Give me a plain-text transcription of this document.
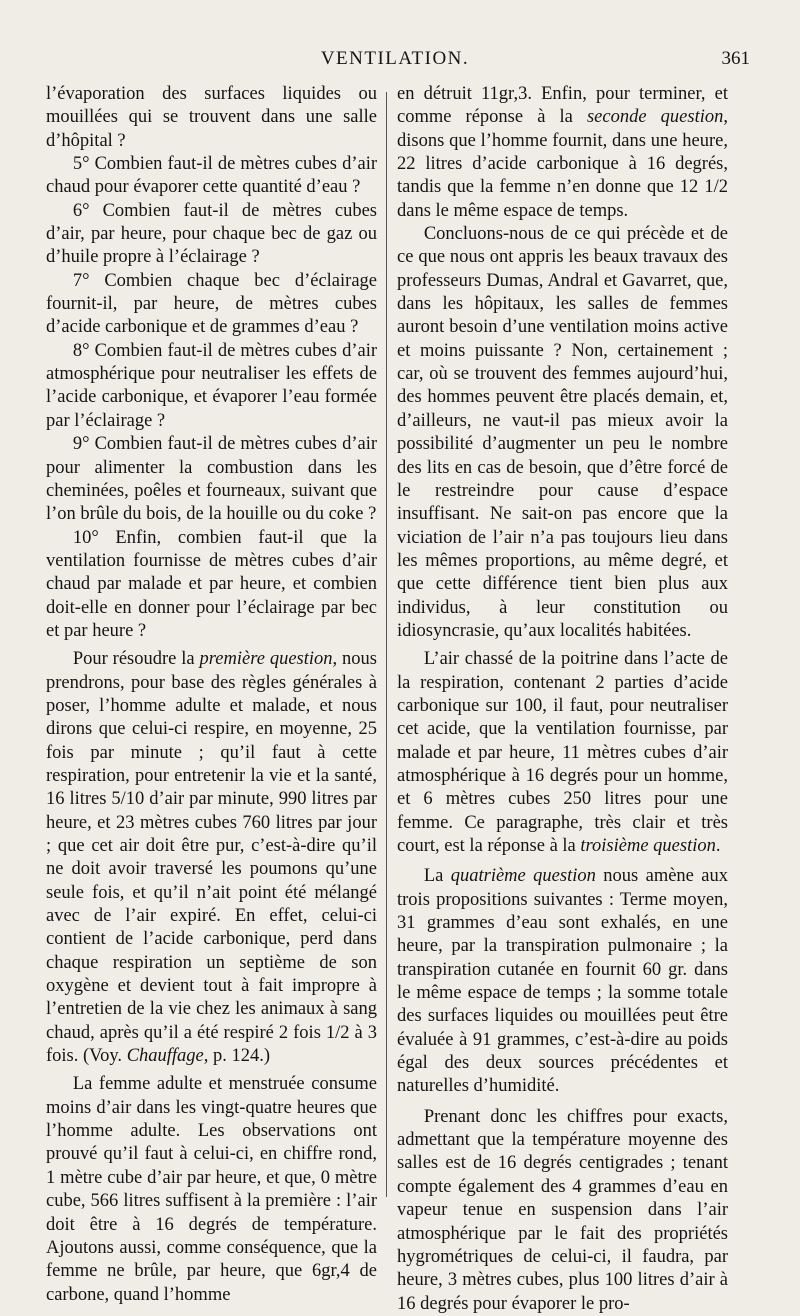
VENTILATION.	361

l’évaporation des surfaces liquides ou mouillées qui se trouvent dans une salle d’hôpital ?

5° Combien faut-il de mètres cubes d’air chaud pour évaporer cette quantité d’eau ?

6° Combien faut-il de mètres cubes d’air, par heure, pour chaque bec de gaz ou d’huile propre à l’éclairage ?

7° Combien chaque bec d’éclairage fournit-il, par heure, de mètres cubes d’acide carbonique et de grammes d’eau ?

8° Combien faut-il de mètres cubes d’air atmosphérique pour neutraliser les effets de l’acide carbonique, et évaporer l’eau formée par l’éclairage ?

9° Combien faut-il de mètres cubes d’air pour alimenter la combustion dans les cheminées, poêles et fourneaux, suivant que l’on brûle du bois, de la houille ou du coke ?

10° Enfin, combien faut-il que la ventilation fournisse de mètres cubes d’air chaud par malade et par heure, et combien doit-elle en donner pour l’éclairage par bec et par heure ?

Pour résoudre la première question, nous prendrons, pour base des règles générales à poser, l’homme adulte et malade, et nous dirons que celui-ci respire, en moyenne, 25 fois par minute ; qu’il faut à cette respiration, pour entretenir la vie et la santé, 16 litres 5/10 d’air par minute, 990 litres par heure, et 23 mètres cubes 760 litres par jour ; que cet air doit être pur, c’est-à-dire qu’il ne doit avoir traversé les poumons qu’une seule fois, et qu’il n’ait point été mélangé avec de l’air expiré. En effet, celui-ci contient de l’acide carbonique, perd dans chaque respiration un septième de son oxygène et devient tout à fait impropre à l’entretien de la vie chez les animaux à sang chaud, après qu’il a été respiré 2 fois 1/2 à 3 fois. (Voy. Chauffage, p. 124.)

La femme adulte et menstruée consume moins d’air dans les vingt-quatre heures que l’homme adulte. Les observations ont prouvé qu’il faut à celui-ci, en chiffre rond, 1 mètre cube d’air par heure, et que, 0 mètre cube, 566 litres suffisent à la première : l’air doit être à 16 degrés de température. Ajoutons aussi, comme conséquence, que la femme ne brûle, par heure, que 6gr,4 de carbone, quand l’homme

en détruit 11gr,3. Enfin, pour terminer, et comme réponse à la seconde question, disons que l’homme fournit, dans une heure, 22 litres d’acide carbonique à 16 degrés, tandis que la femme n’en donne que 12 1/2 dans le même espace de temps.

Concluons-nous de ce qui précède et de ce que nous ont appris les beaux travaux des professeurs Dumas, Andral et Gavarret, que, dans les hôpitaux, les salles de femmes auront besoin d’une ventilation moins active et moins puissante ? Non, certainement ; car, où se trouvent des femmes aujourd’hui, des hommes peuvent être placés demain, et, d’ailleurs, ne vaut-il pas mieux avoir la possibilité d’augmenter un peu le nombre des lits en cas de besoin, que d’être forcé de le restreindre pour cause d’espace insuffisant. Ne sait-on pas encore que la viciation de l’air n’a pas toujours lieu dans les mêmes proportions, au même degré, et que cette différence tient bien plus aux individus, à leur constitution ou idiosyncrasie, qu’aux localités habitées.

L’air chassé de la poitrine dans l’acte de la respiration, contenant 2 parties d’acide carbonique sur 100, il faut, pour neutraliser cet acide, que la ventilation fournisse, par malade et par heure, 11 mètres cubes d’air atmosphérique à 16 degrés pour un homme, et 6 mètres cubes 250 litres pour une femme. Ce paragraphe, très clair et très court, est la réponse à la troisième question.

La quatrième question nous amène aux trois propositions suivantes : Terme moyen, 31 grammes d’eau sont exhalés, en une heure, par la transpiration pulmonaire ; la transpiration cutanée en fournit 60 gr. dans le même espace de temps ; la somme totale des surfaces liquides ou mouillées peut être évaluée à 91 grammes, c’est-à-dire au poids égal des deux sources précédentes et naturelles d’humidité.

Prenant donc les chiffres pour exacts, admettant que la température moyenne des salles est de 16 degrés centigrades ; tenant compte également des 4 grammes d’eau en vapeur tenue en suspension dans l’air atmosphérique par le fait des propriétés hygrométriques de celui-ci, il faudra, par heure, 3 mètres cubes, plus 100 litres d’air à 16 degrés pour évaporer le pro-
